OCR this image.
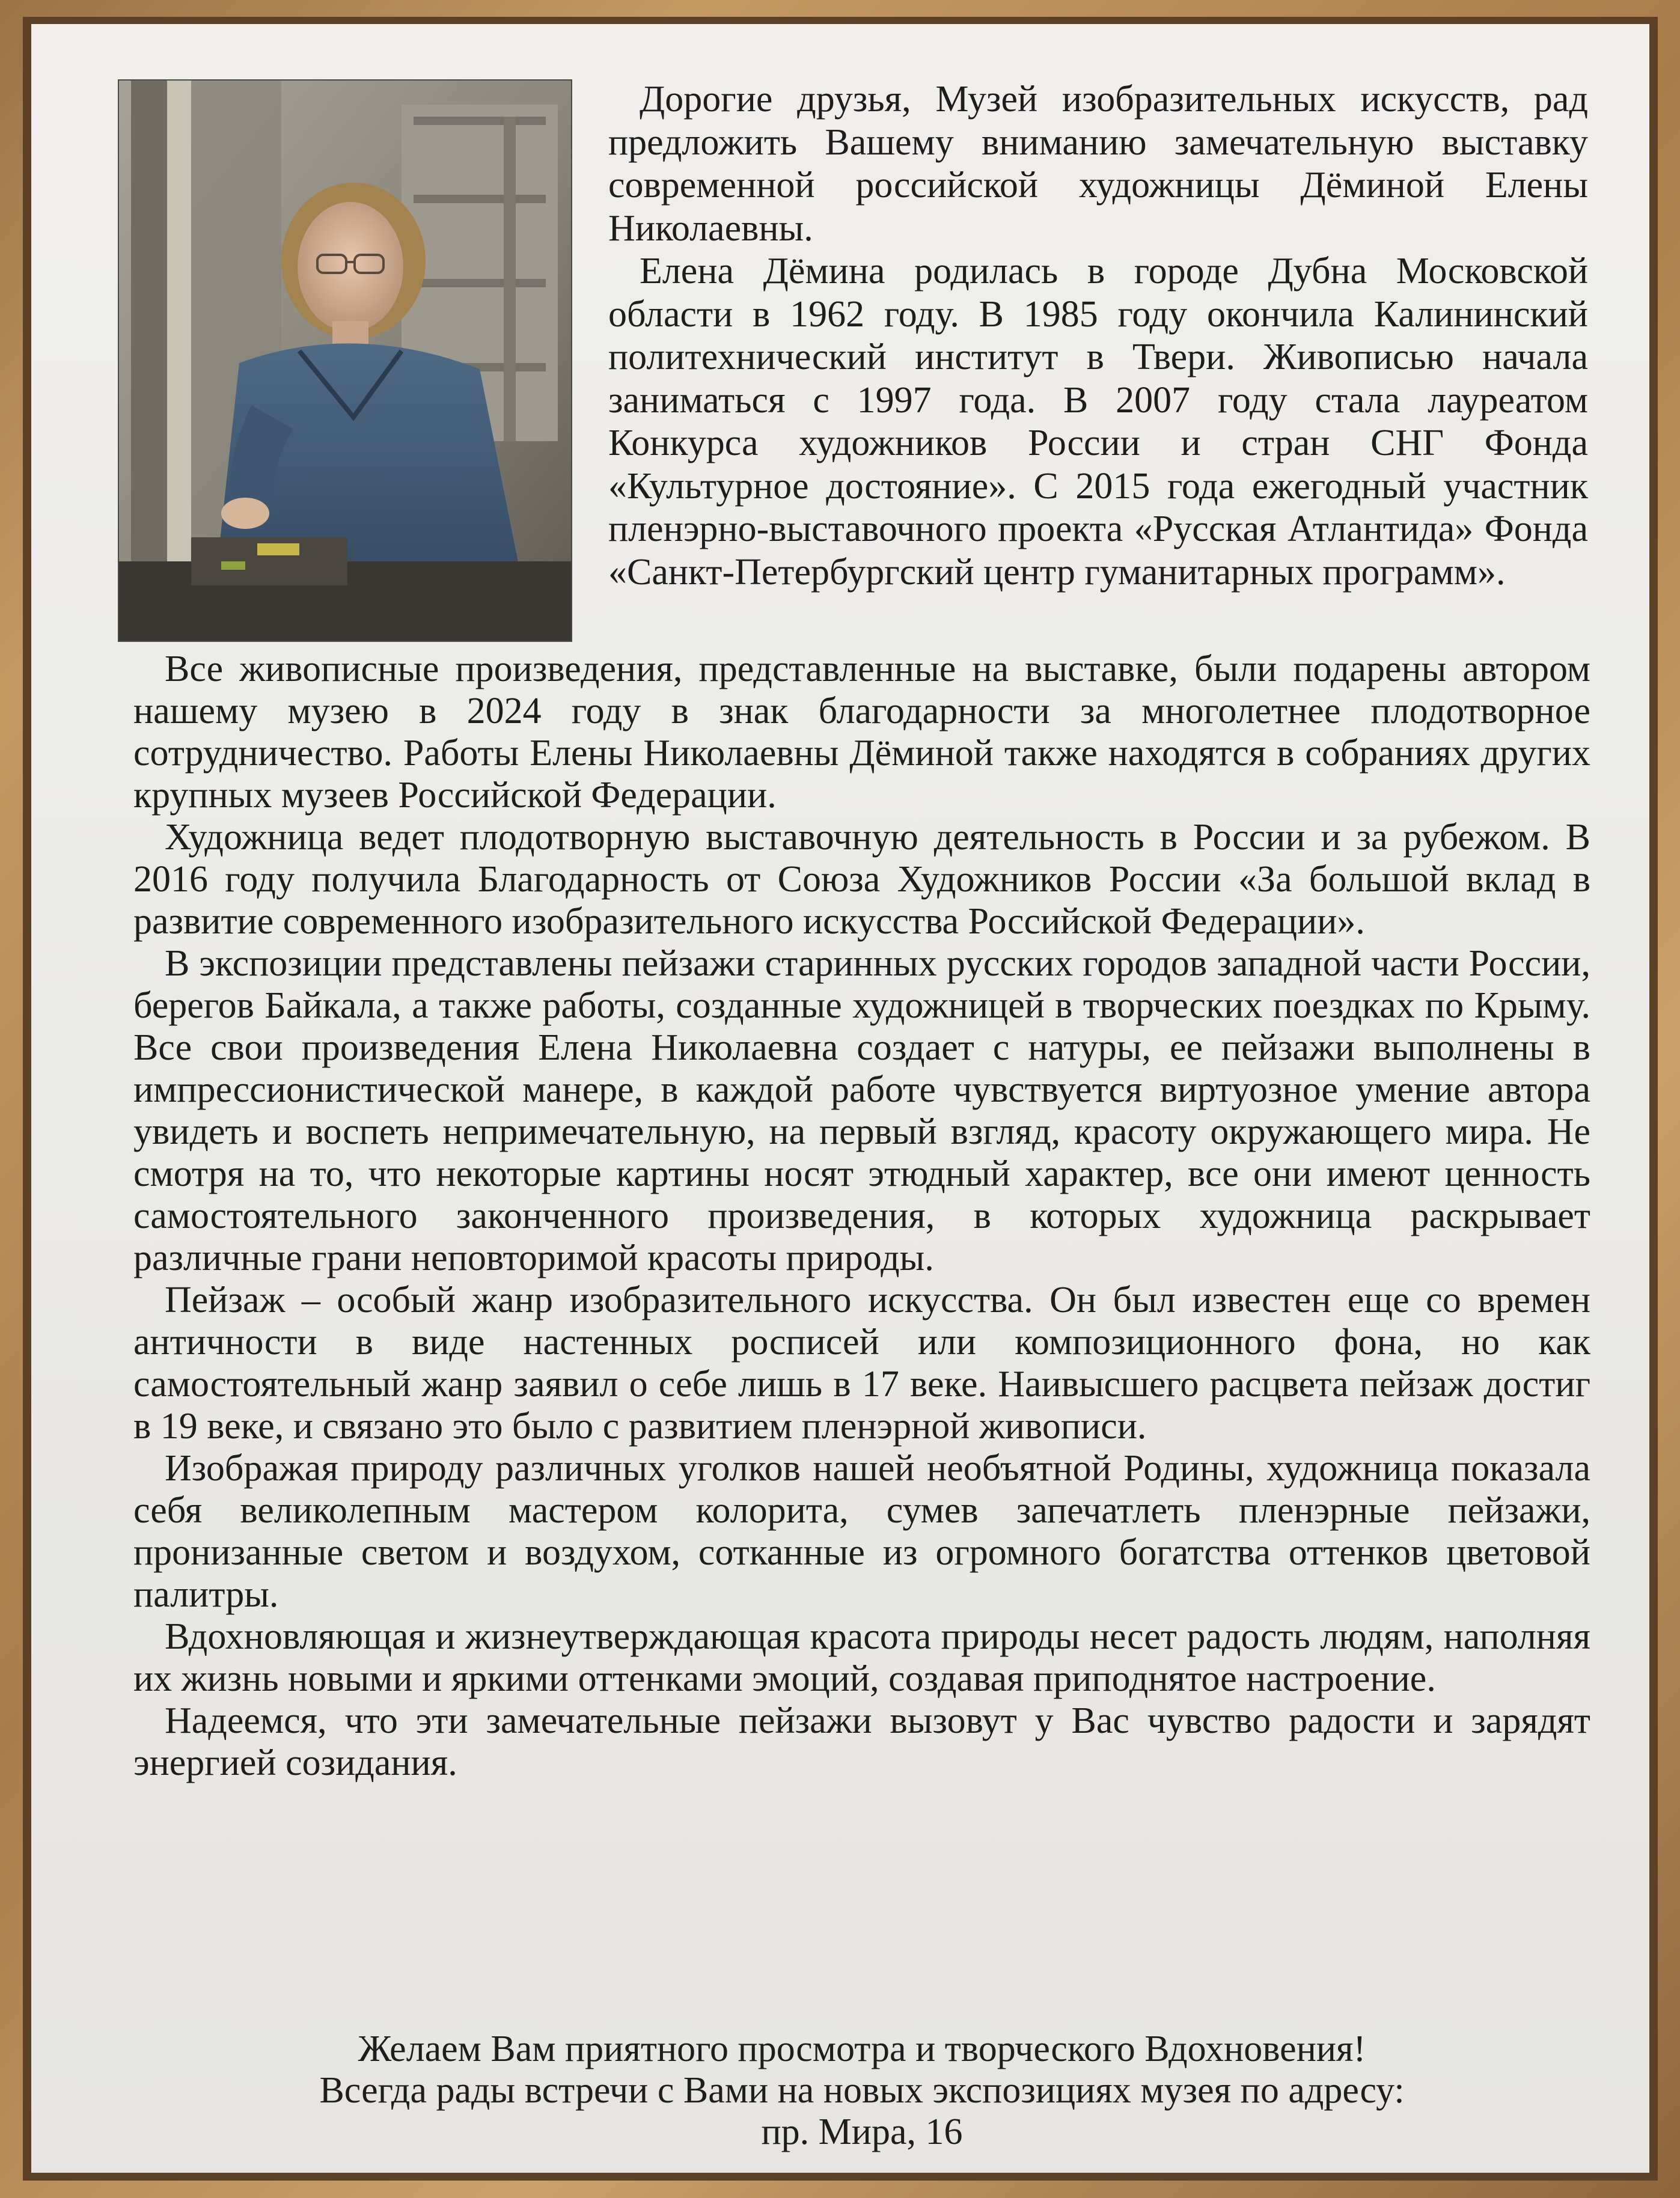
Дорогие друзья, Музей изобразительных искусств, рад предложить Вашему вниманию замечательную выставку современной российской художницы Дёминой Елены Николаевны.

Елена Дёмина родилась в городе Дубна Московской области в 1962 году. В 1985 году окончила Калининский политехнический институт в Твери. Живописью начала заниматься с 1997 года. В 2007 году стала лауреатом Конкурса художников России и стран СНГ Фонда «Культурное достояние». С 2015 года ежегодный участник пленэрно-выставочного проекта «Русская Атлантида» Фонда «Санкт-Петербургский центр гуманитарных программ».

Все живописные произведения, представленные на выставке, были подарены автором нашему музею в 2024 году в знак благодарности за многолетнее плодотворное сотрудничество. Работы Елены Николаевны Дёминой также находятся в собраниях других крупных музеев Российской Федерации.

Художница ведет плодотворную выставочную деятельность в России и за рубежом. В 2016 году получила Благодарность от Союза Художников России «За большой вклад в развитие современного изобразительного искусства Российской Федерации».

В экспозиции представлены пейзажи старинных русских городов западной части России, берегов Байкала, а также работы, созданные художницей в творческих поездках по Крыму. Все свои произведения Елена Николаевна создает с натуры, ее пейзажи выполнены в импрессионистической манере, в каждой работе чувствуется виртуозное умение автора увидеть и воспеть непримечательную, на первый взгляд, красоту окружающего мира. Не смотря на то, что некоторые картины носят этюдный характер, все они имеют ценность самостоятельного законченного произведения, в которых художница раскрывает различные грани неповторимой красоты природы.

Пейзаж – особый жанр изобразительного искусства. Он был известен еще со времен античности в виде настенных росписей или композиционного фона, но как самостоятельный жанр заявил о себе лишь в 17 веке. Наивысшего расцвета пейзаж достиг в 19 веке, и связано это было с развитием пленэрной живописи.

Изображая природу различных уголков нашей необъятной Родины, художница показала себя великолепным мастером колорита, сумев запечатлеть пленэрные пейзажи, пронизанные светом и воздухом, сотканные из огромного богатства оттенков цветовой палитры.

Вдохновляющая и жизнеутверждающая красота природы несет радость людям, наполняя их жизнь новыми и яркими оттенками эмоций, создавая приподнятое настроение.

Надеемся, что эти замечательные пейзажи вызовут у Вас чувство радости и зарядят энергией созидания.

Желаем Вам приятного просмотра и творческого Вдохновения!
Всегда рады встречи с Вами на новых экспозициях музея по адресу:
пр. Мира, 16
